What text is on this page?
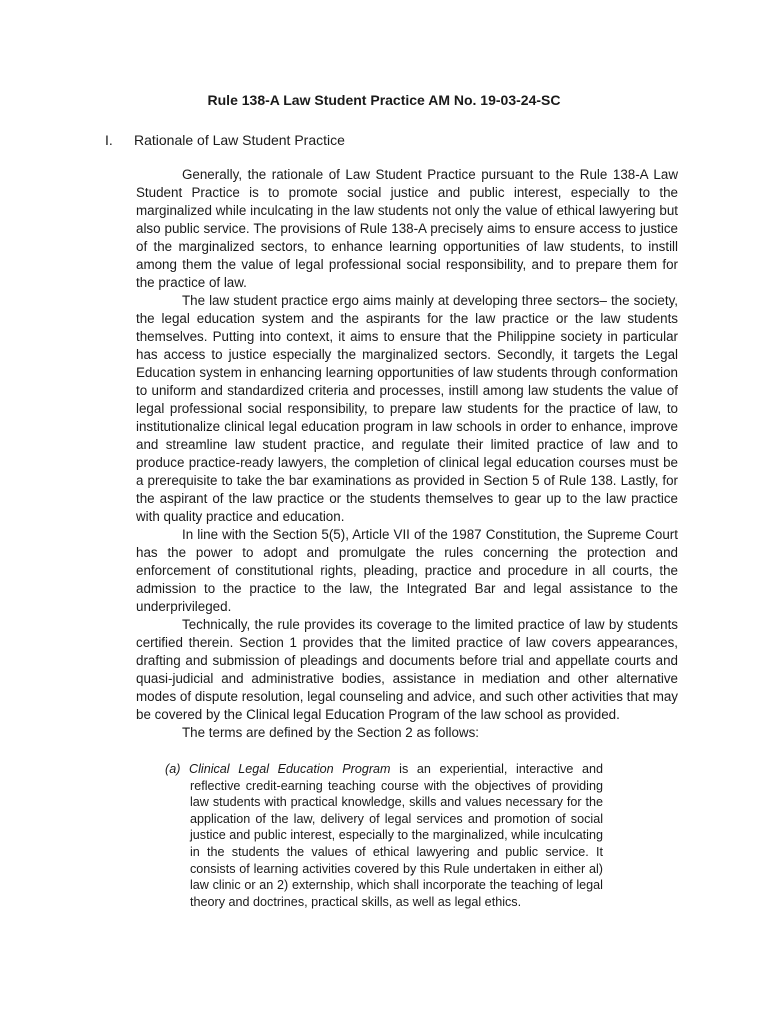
Rule 138-A Law Student Practice AM No. 19-03-24-SC
I. Rationale of Law Student Practice

Generally, the rationale of Law Student Practice pursuant to the Rule 138-A Law Student Practice is to promote social justice and public interest, especially to the marginalized while inculcating in the law students not only the value of ethical lawyering but also public service. The provisions of Rule 138-A precisely aims to ensure access to justice of the marginalized sectors, to enhance learning opportunities of law students, to instill among them the value of legal professional social responsibility, and to prepare them for the practice of law.

The law student practice ergo aims mainly at developing three sectors– the society, the legal education system and the aspirants for the law practice or the law students themselves. Putting into context, it aims to ensure that the Philippine society in particular has access to justice especially the marginalized sectors. Secondly, it targets the Legal Education system in enhancing learning opportunities of law students through conformation to uniform and standardized criteria and processes, instill among law students the value of legal professional social responsibility, to prepare law students for the practice of law, to institutionalize clinical legal education program in law schools in order to enhance, improve and streamline law student practice, and regulate their limited practice of law and to produce practice-ready lawyers, the completion of clinical legal education courses must be a prerequisite to take the bar examinations as provided in Section 5 of Rule 138. Lastly, for the aspirant of the law practice or the students themselves to gear up to the law practice with quality practice and education.

In line with the Section 5(5), Article VII of the 1987 Constitution, the Supreme Court has the power to adopt and promulgate the rules concerning the protection and enforcement of constitutional rights, pleading, practice and procedure in all courts, the admission to the practice to the law, the Integrated Bar and legal assistance to the underprivileged.

Technically, the rule provides its coverage to the limited practice of law by students certified therein. Section 1 provides that the limited practice of law covers appearances, drafting and submission of pleadings and documents before trial and appellate courts and quasi-judicial and administrative bodies, assistance in mediation and other alternative modes of dispute resolution, legal counseling and advice, and such other activities that may be covered by the Clinical legal Education Program of the law school as provided.

The terms are defined by the Section 2 as follows:

(a) Clinical Legal Education Program is an experiential, interactive and reflective credit-earning teaching course with the objectives of providing law students with practical knowledge, skills and values necessary for the application of the law, delivery of legal services and promotion of social justice and public interest, especially to the marginalized, while inculcating in the students the values of ethical lawyering and public service. It consists of learning activities covered by this Rule undertaken in either al) law clinic or an 2) externship, which shall incorporate the teaching of legal theory and doctrines, practical skills, as well as legal ethics.
